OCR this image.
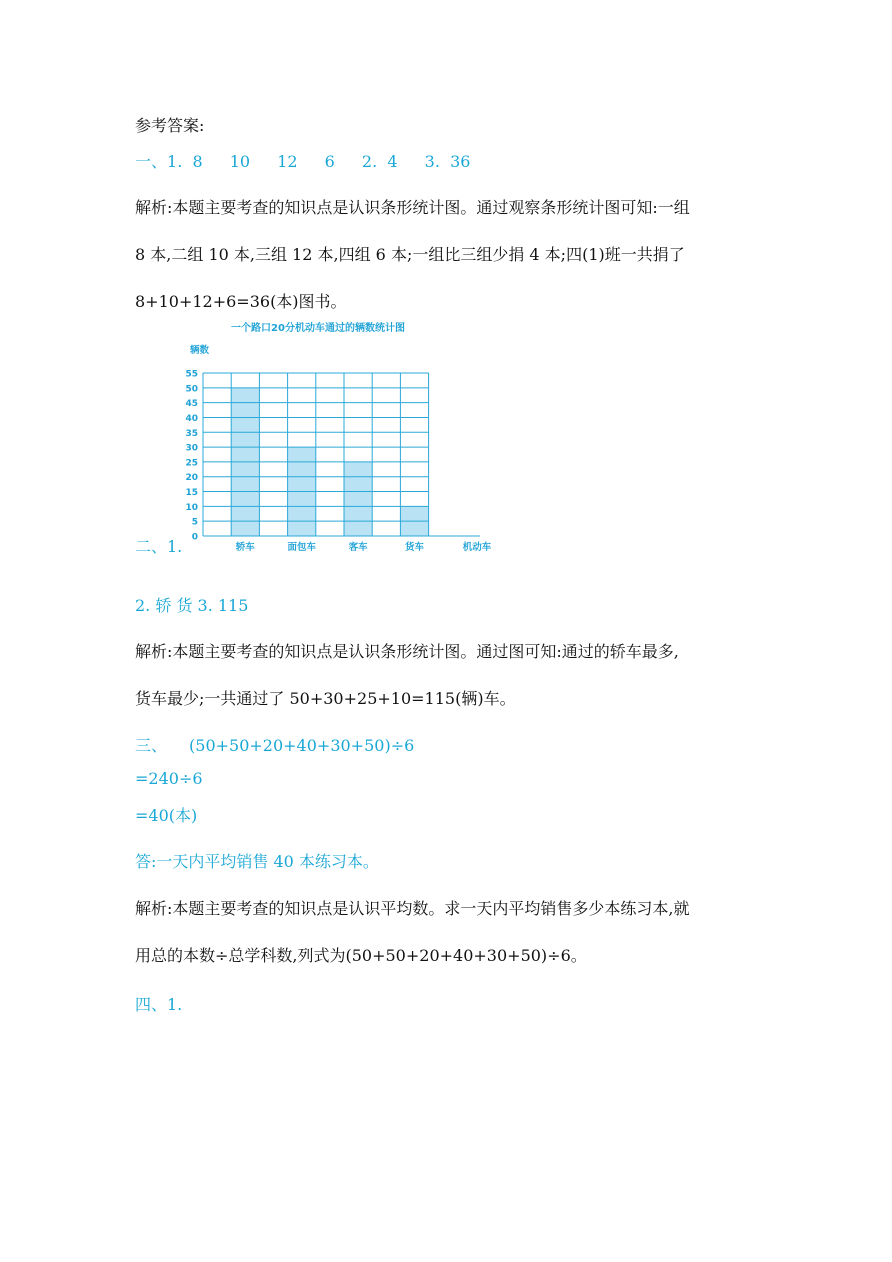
参考答案:
一、1. 8 10 12 6 2. 4 3. 36
解析:本题主要考查的知识点是认识条形统计图。通过观察条形统计图可知:一组
8 本,二组 10 本,三组 12 本,四组 6 本;一组比三组少捐 4 本;四(1)班一共捐了
8+10+12+6=36(本)图书。
一个路口20分机动车通过的辆数统计图
辆数
0
5
10
15
20
25
30
35
40
45
50
55
轿车	面包车	客车	货车	机动车
二、1.
2. 轿 货 3. 115
解析:本题主要考查的知识点是认识条形统计图。通过图可知:通过的轿车最多,
货车最少;一共通过了 50+30+25+10=115(辆)车。
三、 (50+50+20+40+30+50)÷6
=240÷6
=40(本)
答:一天内平均销售 40 本练习本。
解析:本题主要考查的知识点是认识平均数。求一天内平均销售多少本练习本,就
用总的本数÷总学科数,列式为(50+50+20+40+30+50)÷6。
四、1.
